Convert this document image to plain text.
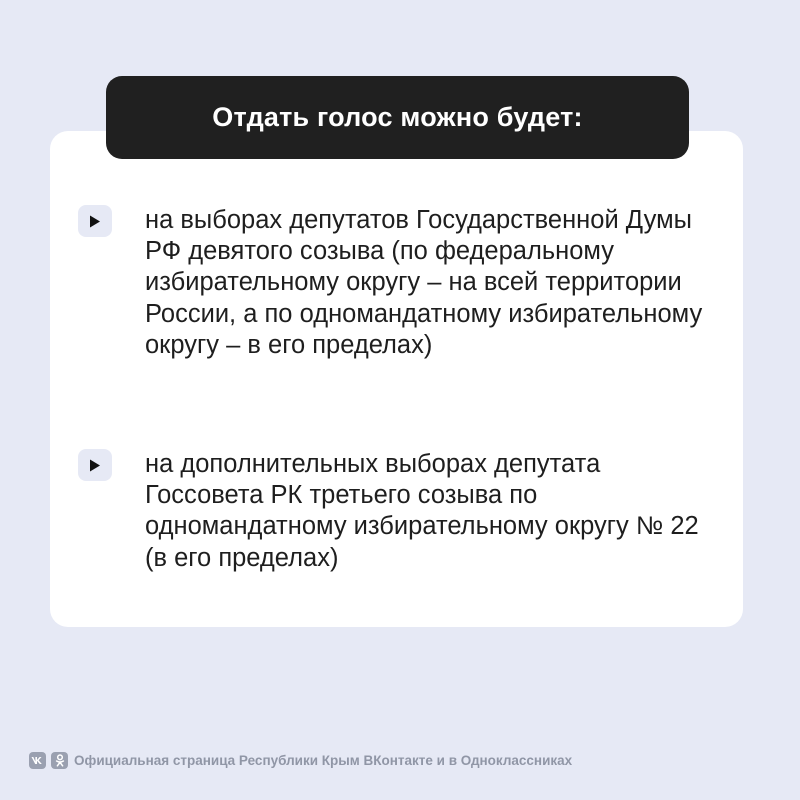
Отдать голос можно будет:
на выборах депутатов Государственной Думы РФ девятого созыва (по федеральному избирательному округу – на всей территории России, а по одномандатному избирательному округу – в его пределах)
на дополнительных выборах депутата Госсовета РК третьего созыва по одномандатному избирательному округу № 22 (в его пределах)
Официальная страница Республики Крым ВКонтакте и в Одноклассниках
